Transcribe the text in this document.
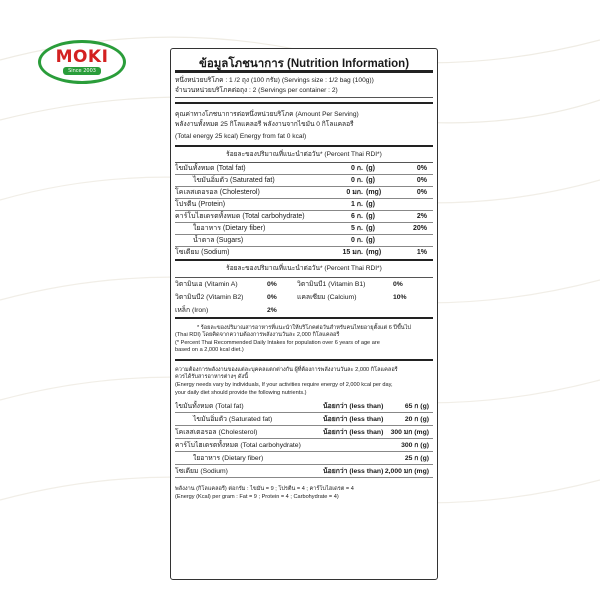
MOKI
Since 2003
ข้อมูลโภชนาการ (Nutrition Information)
หนึ่งหน่วยบริโภค : 1 /2 ถุง (100 กรัม) (Servings size : 1/2 bag (100g))
จำนวนหน่วยบริโภคต่อถุง : 2 (Servings per container : 2)
คุณค่าทางโภชนาการต่อหนึ่งหน่วยบริโภค (Amount Per Serving)
พลังงานทั้งหมด 25 กิโลแคลอรี พลังงานจากไขมัน 0 กิโลแคลอรี
(Total energy 25 kcal) Energy from fat 0 kcal)
ร้อยละของปริมาณที่แนะนำต่อวัน* (Percent Thai RDI*)
ไขมันทั้งหมด (Total fat)	0 ก. (g)	0%
ไขมันอิ่มตัว (Saturated fat)	0 ก. (g)	0%
โคเลสเตอรอล (Cholesterol)	0 มก. (mg)	0%
โปรตีน (Protein)	1 ก. (g)
คาร์โบไฮเดรตทั้งหมด (Total carbohydrate)	6 ก. (g)	2%
ใยอาหาร (Dietary fiber)	5 ก. (g)	20%
น้ำตาล (Sugars)	0 ก. (g)
โซเดียม (Sodium)	15 มก. (mg)	1%
ร้อยละของปริมาณที่แนะนำต่อวัน* (Percent Thai RDI*)
วิตามินเอ (Vitamin A)	0%	วิตามินบี1 (Vitamin B1)	0%
วิตามินบี2 (Vitamin B2)	0%	แคลเซียม (Calcium)	10%
เหล็ก (Iron)	2%
* ร้อยละของปริมาณสารอาหารที่แนะนำให้บริโภคต่อวันสำหรับคนไทยอายุตั้งแต่ 6 ปีขึ้นไป
(Thai RDI) โดยคิดจากความต้องการพลังงานวันละ 2,000 กิโลแคลอรี
(* Percent Thai Recommended Daily Intakes for population over 6 years of age are
based on a 2,000 kcal diet.)
ความต้องการพลังงานของแต่ละบุคคลแตกต่างกัน ผู้ที่ต้องการพลังงานวันละ 2,000 กิโลแคลอรี
ควรได้รับสารอาหารต่างๆ ดังนี้
(Energy needs vary by individuals, If your activities require energy of 2,000 kcal per day,
your daily diet should provide the following nutrients.)
ไขมันทั้งหมด (Total fat)	น้อยกว่า (less than)	65 ก (g)
ไขมันอิ่มตัว (Saturated fat)	น้อยกว่า (less than)	20 ก (g)
โคเลสเตอรอล (Cholesterol)	น้อยกว่า (less than)	300 มก (mg)
คาร์โบไฮเดรตทั้งหมด (Total carbohydrate)	300 ก (g)
ใยอาหาร (Dietary fiber)	25 ก (g)
โซเดียม (Sodium)	น้อยกว่า (less than) 2,000 มก (mg)
พลังงาน (กิโลแคลอรี) ต่อกรัม : ไขมัน = 9 ; โปรตีน = 4 ; คาร์โบไฮเดรต = 4
(Energy (Kcal) per gram : Fat = 9 ; Protein = 4 ; Carbohydrate = 4)
